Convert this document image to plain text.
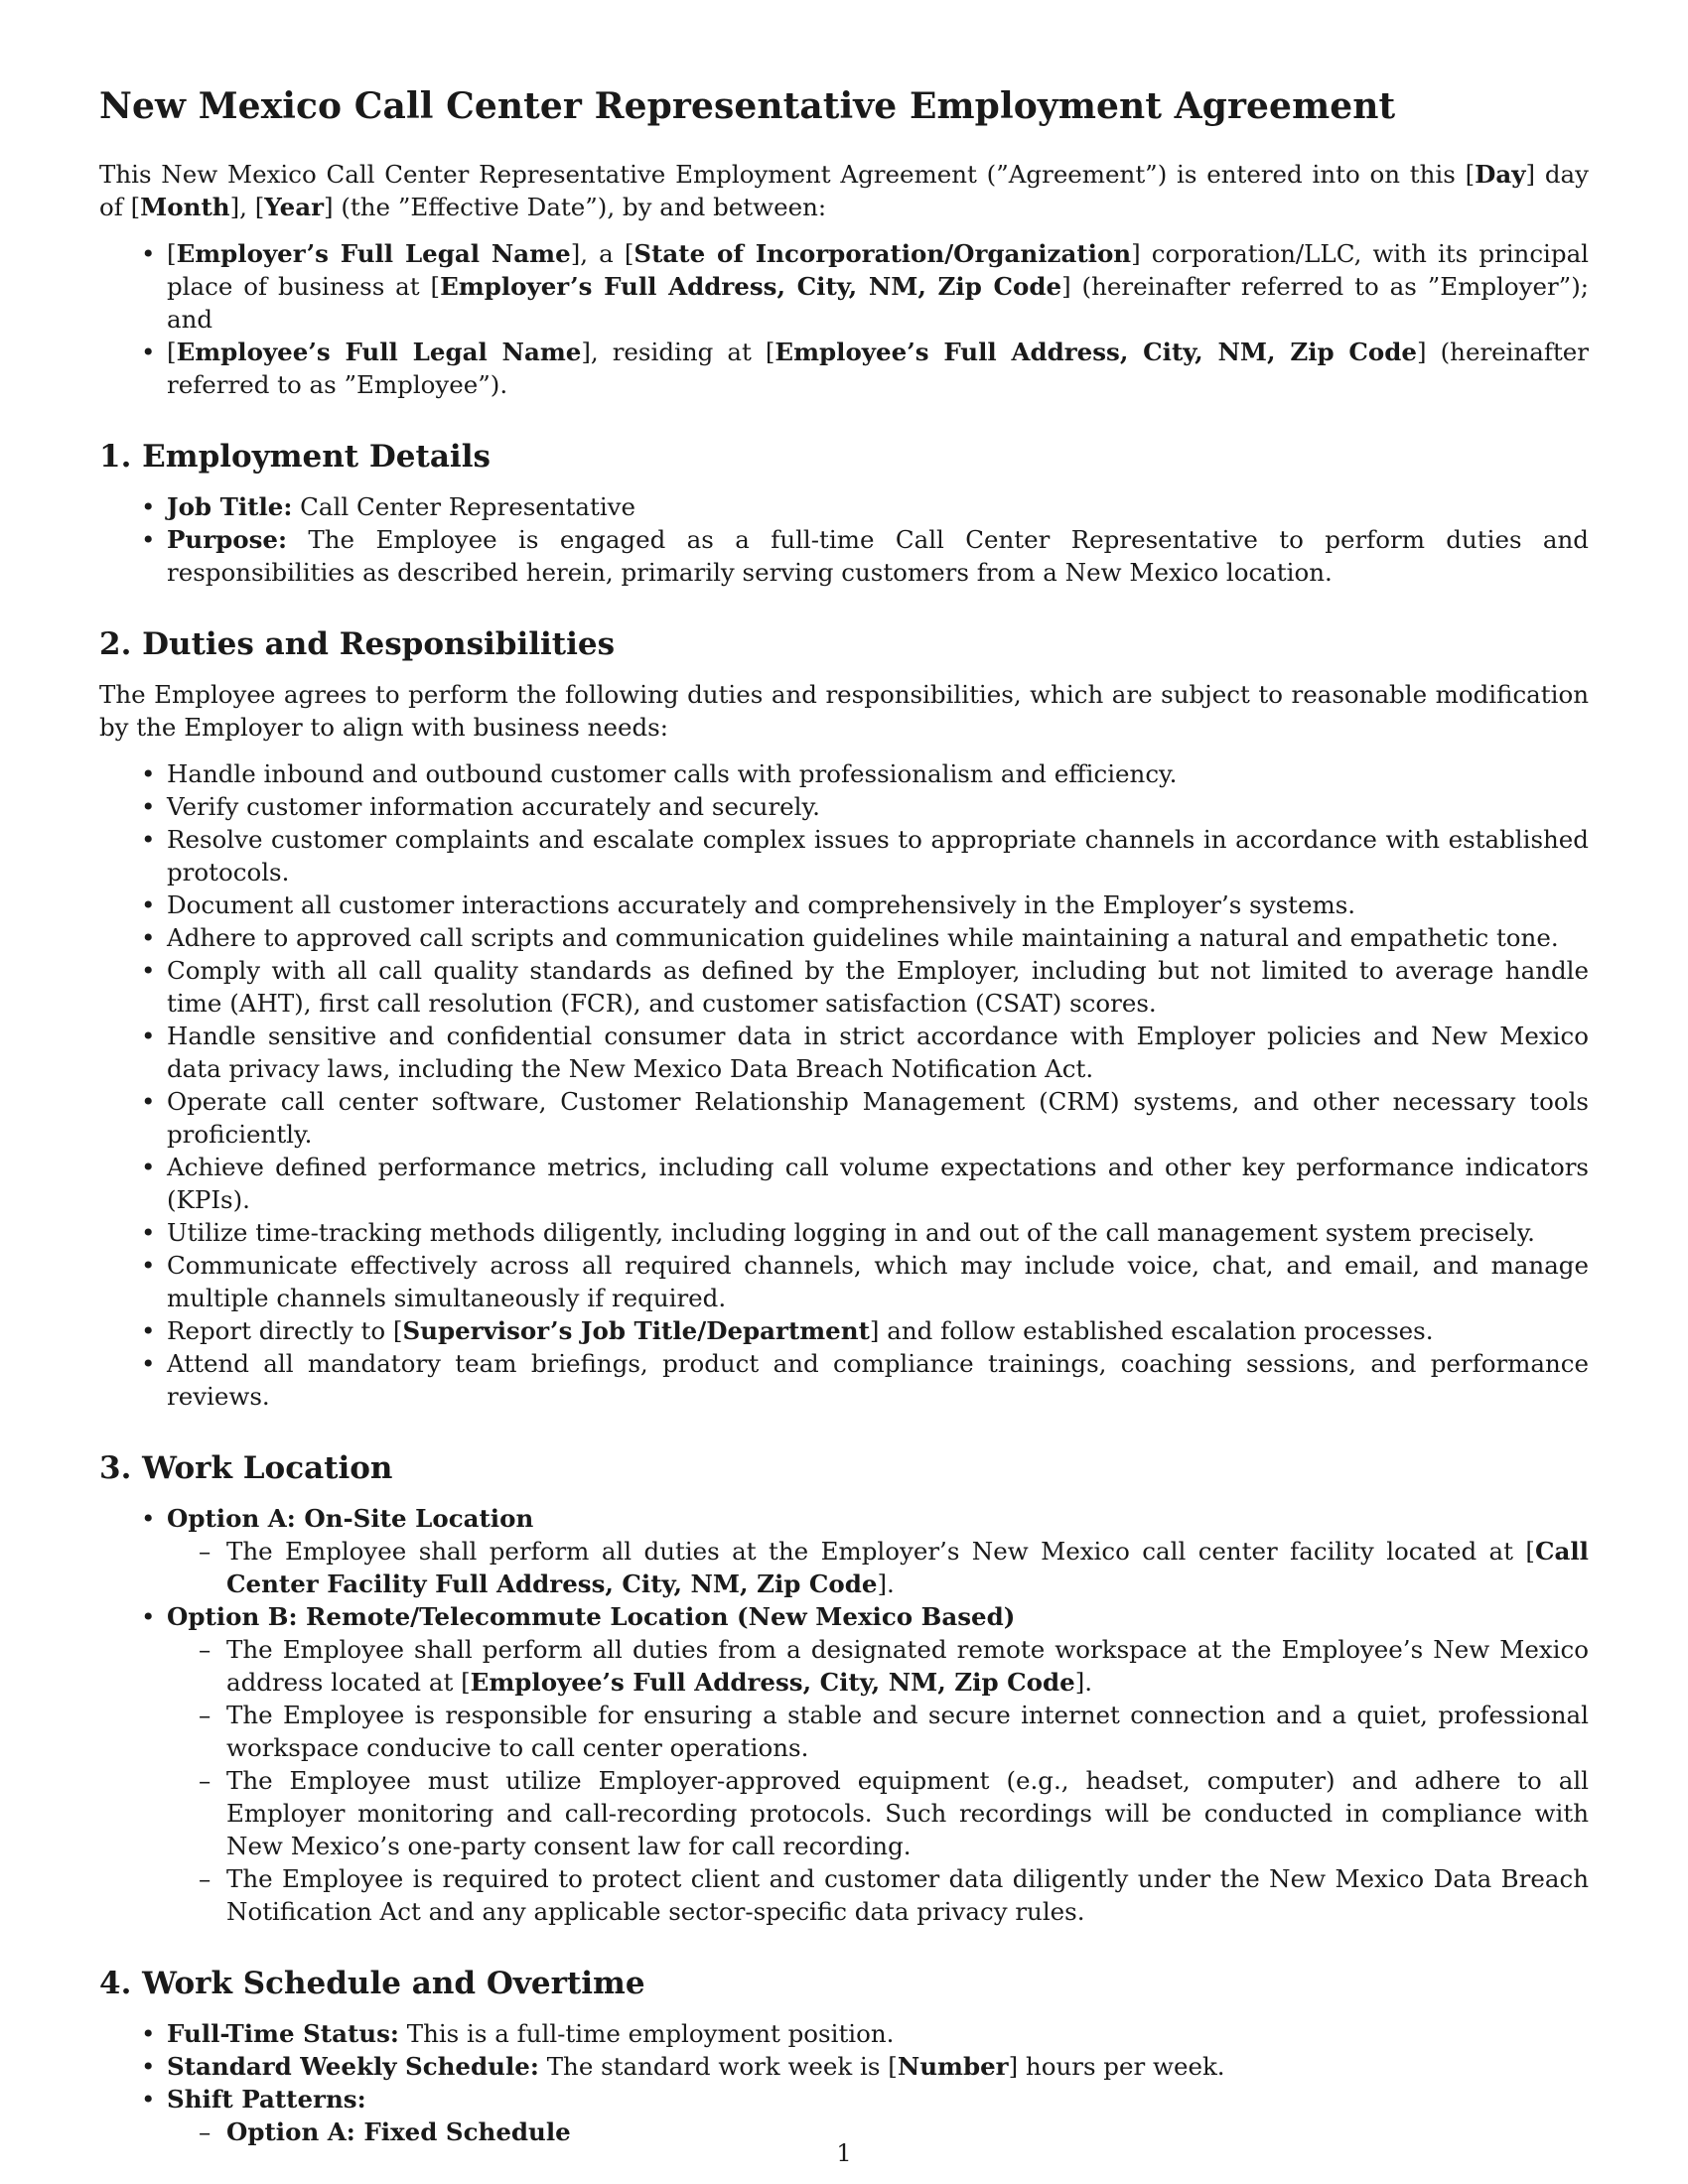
New Mexico Call Center Representative Employment Agreement

This New Mexico Call Center Representative Employment Agreement (”Agreement”) is entered into on this [Day] day of [Month], [Year] (the ”Effective Date”), by and between:

• [Employer’s Full Legal Name], a [State of Incorporation/Organization] corporation/LLC, with its principal place of business at [Employer’s Full Address, City, NM, Zip Code] (hereinafter referred to as ”Employer”); and
• [Employee’s Full Legal Name], residing at [Employee’s Full Address, City, NM, Zip Code] (hereinafter referred to as ”Employee”).
1. Employment Details
• Job Title: Call Center Representative
• Purpose: The Employee is engaged as a full-time Call Center Representative to perform duties and responsibilities as described herein, primarily serving customers from a New Mexico location.
2. Duties and Responsibilities

The Employee agrees to perform the following duties and responsibilities, which are subject to reasonable modification by the Employer to align with business needs:

• Handle inbound and outbound customer calls with professionalism and efficiency.
• Verify customer information accurately and securely.
• Resolve customer complaints and escalate complex issues to appropriate channels in accordance with established protocols.
• Document all customer interactions accurately and comprehensively in the Employer’s systems.
• Adhere to approved call scripts and communication guidelines while maintaining a natural and empathetic tone.
• Comply with all call quality standards as defined by the Employer, including but not limited to average handle time (AHT), first call resolution (FCR), and customer satisfaction (CSAT) scores.
• Handle sensitive and confidential consumer data in strict accordance with Employer policies and New Mexico data privacy laws, including the New Mexico Data Breach Notification Act.
• Operate call center software, Customer Relationship Management (CRM) systems, and other necessary tools proficiently.
• Achieve defined performance metrics, including call volume expectations and other key performance indicators (KPIs).
• Utilize time-tracking methods diligently, including logging in and out of the call management system precisely.
• Communicate effectively across all required channels, which may include voice, chat, and email, and manage multiple channels simultaneously if required.
• Report directly to [Supervisor’s Job Title/Department] and follow established escalation processes.
• Attend all mandatory team briefings, product and compliance trainings, coaching sessions, and performance reviews.
3. Work Location
• Option A: On-Site Location
– The Employee shall perform all duties at the Employer’s New Mexico call center facility located at [Call Center Facility Full Address, City, NM, Zip Code].
• Option B: Remote/Telecommute Location (New Mexico Based)
– The Employee shall perform all duties from a designated remote workspace at the Employee’s New Mexico address located at [Employee’s Full Address, City, NM, Zip Code].
– The Employee is responsible for ensuring a stable and secure internet connection and a quiet, professional workspace conducive to call center operations.
– The Employee must utilize Employer-approved equipment (e.g., headset, computer) and adhere to all Employer monitoring and call-recording protocols. Such recordings will be conducted in compliance with New Mexico’s one-party consent law for call recording.
– The Employee is required to protect client and customer data diligently under the New Mexico Data Breach Notification Act and any applicable sector-specific data privacy rules.
4. Work Schedule and Overtime
• Full-Time Status: This is a full-time employment position.
• Standard Weekly Schedule: The standard work week is [Number] hours per week.
• Shift Patterns:
– Option A: Fixed Schedule
1
